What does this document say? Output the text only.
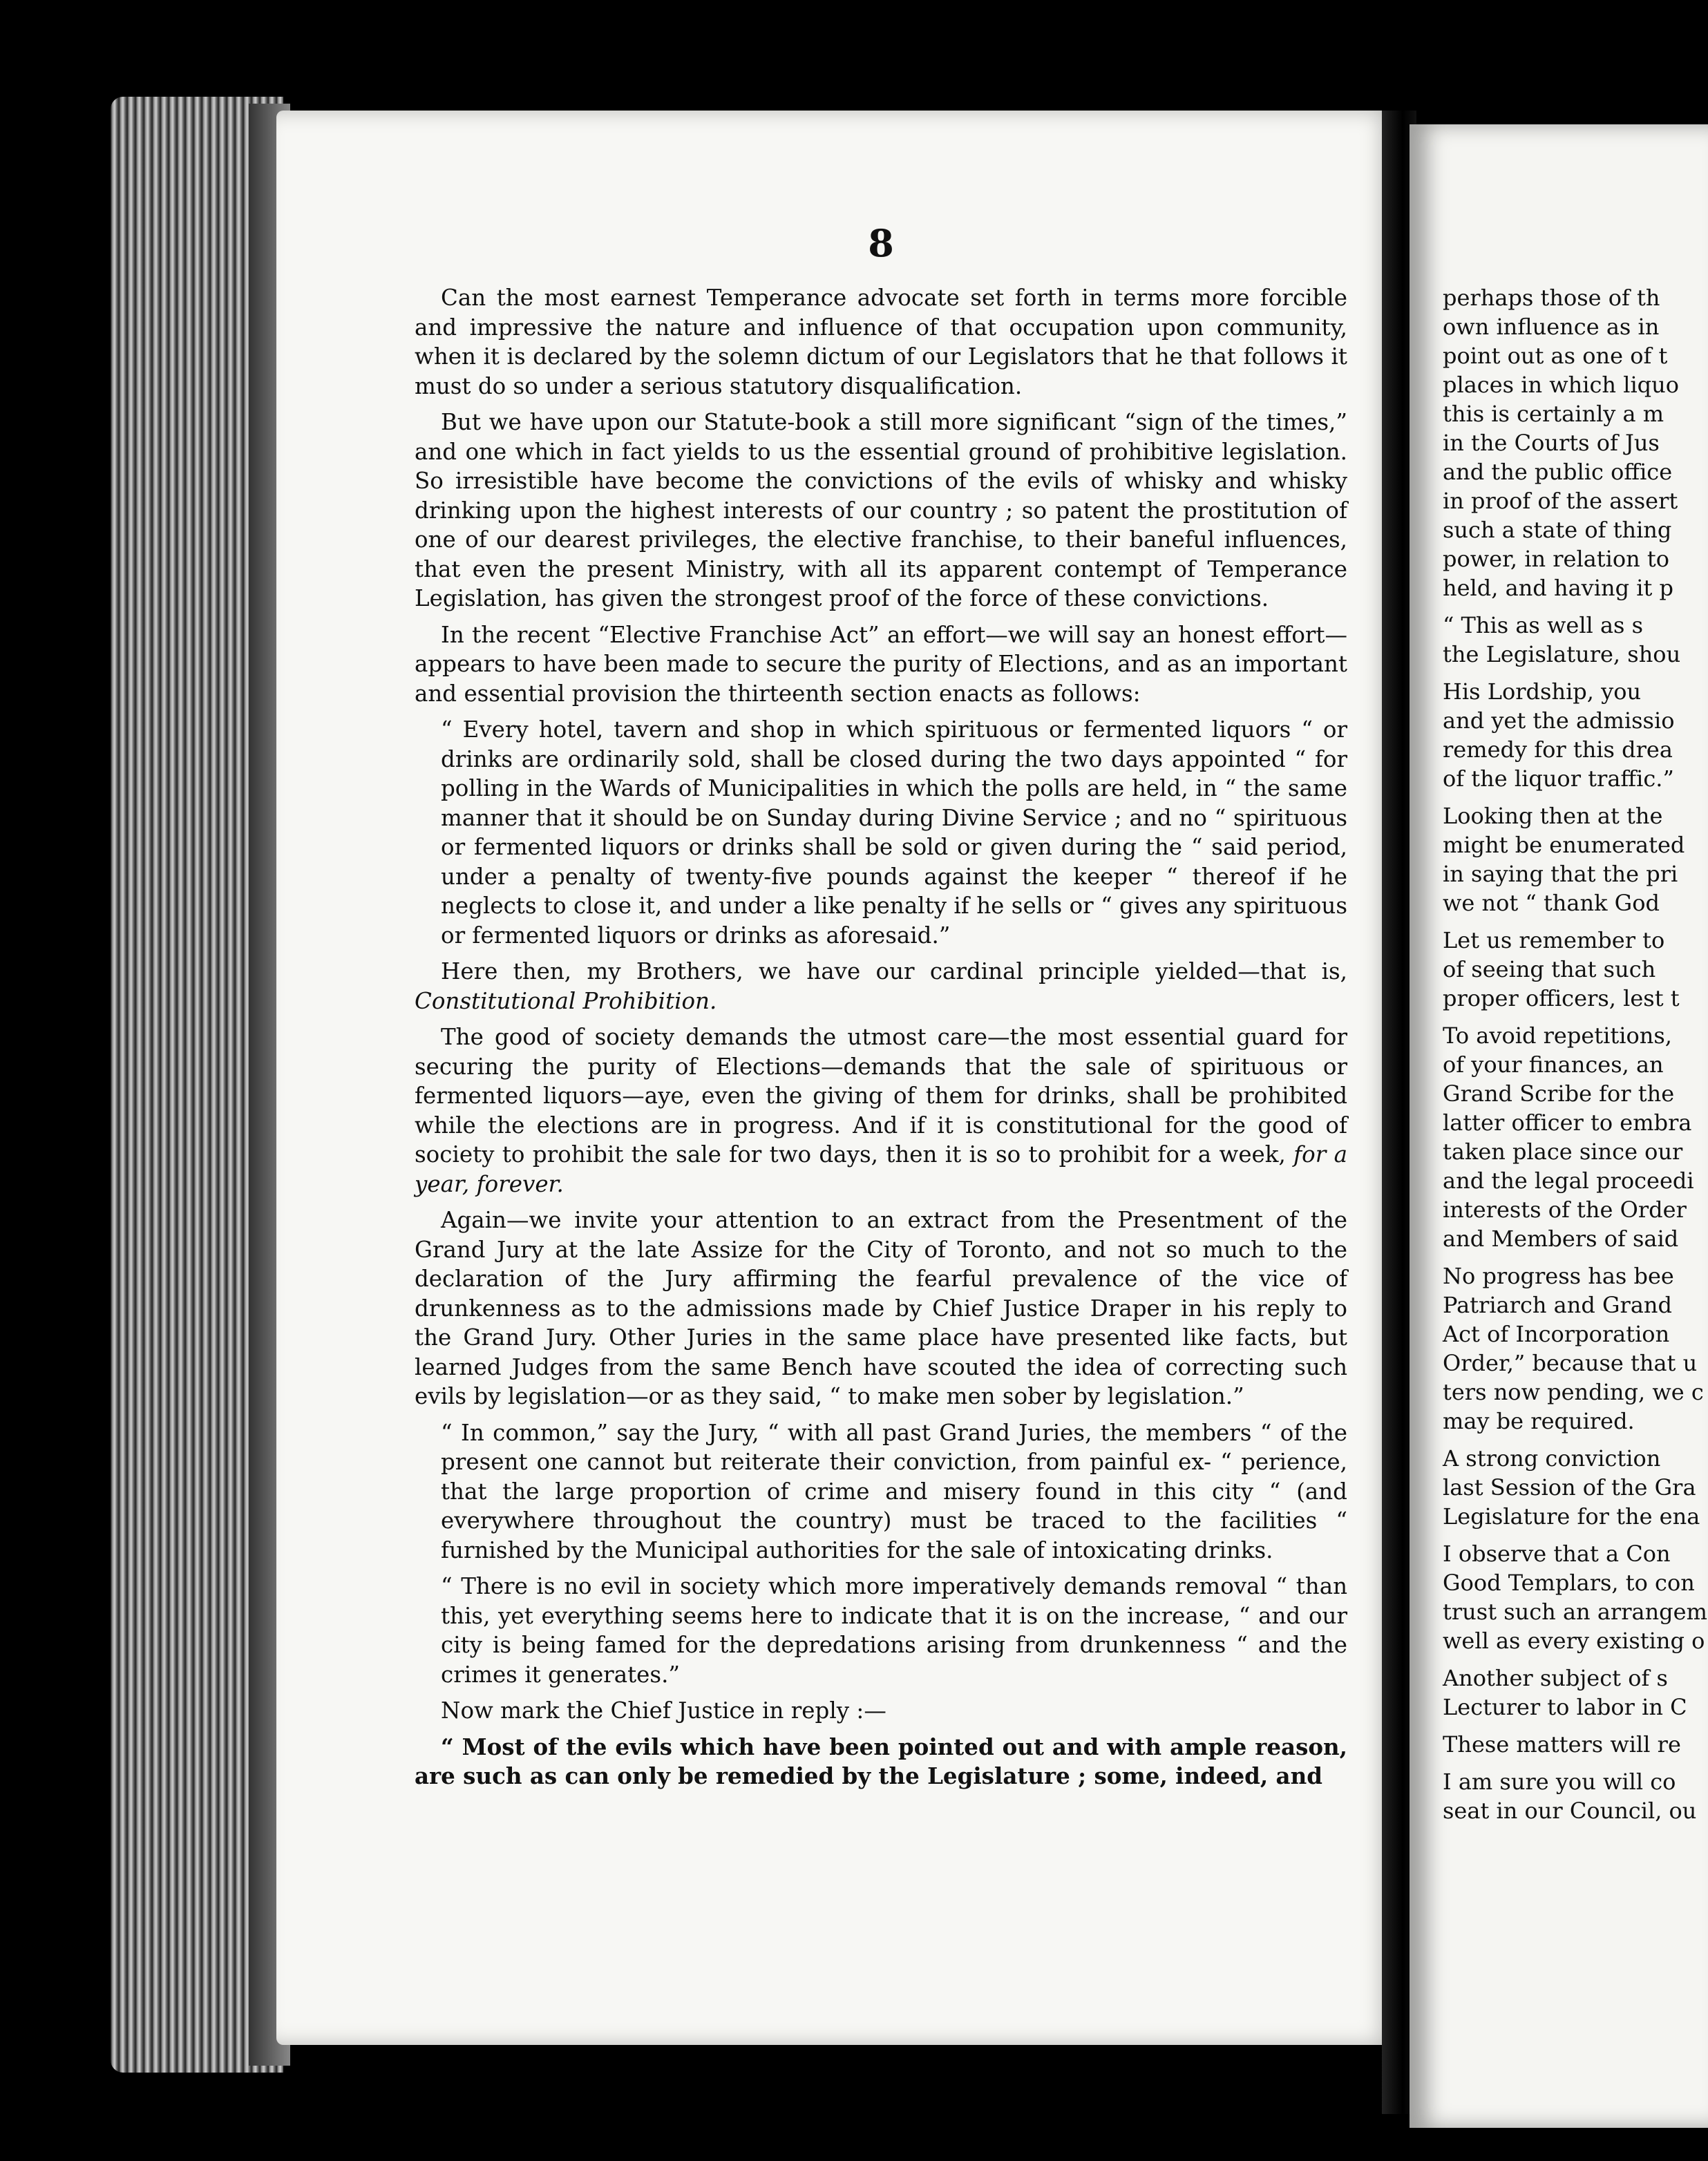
8

Can the most earnest Temperance advocate set forth in terms more forcible and impressive the nature and influence of that occupation upon community, when it is declared by the solemn dictum of our Legislators that he that follows it must do so under a serious statutory disqualification.

But we have upon our Statute-book a still more significant “sign of the times,” and one which in fact yields to us the essential ground of prohibitive legislation. So irresistible have become the convictions of the evils of whisky and whisky drinking upon the highest interests of our country ; so patent the prostitution of one of our dearest privileges, the elective franchise, to their baneful influences, that even the present Ministry, with all its apparent contempt of Temperance Legislation, has given the strongest proof of the force of these convictions.

In the recent “Elective Franchise Act” an effort—we will say an honest effort—appears to have been made to secure the purity of Elections, and as an important and essential provision the thirteenth section enacts as follows:

“ Every hotel, tavern and shop in which spirituous or fermented liquors “ or drinks are ordinarily sold, shall be closed during the two days appointed “ for polling in the Wards of Municipalities in which the polls are held, in “ the same manner that it should be on Sunday during Divine Service ; and no “ spirituous or fermented liquors or drinks shall be sold or given during the “ said period, under a penalty of twenty-five pounds against the keeper “ thereof if he neglects to close it, and under a like penalty if he sells or “ gives any spirituous or fermented liquors or drinks as aforesaid.”

Here then, my Brothers, we have our cardinal principle yielded—that is, Constitutional Prohibition.

The good of society demands the utmost care—the most essential guard for securing the purity of Elections—demands that the sale of spirituous or fermented liquors—aye, even the giving of them for drinks, shall be prohibited while the elections are in progress. And if it is constitutional for the good of society to prohibit the sale for two days, then it is so to prohibit for a week, for a year, forever.

Again—we invite your attention to an extract from the Presentment of the Grand Jury at the late Assize for the City of Toronto, and not so much to the declaration of the Jury affirming the fearful prevalence of the vice of drunkenness as to the admissions made by Chief Justice Draper in his reply to the Grand Jury. Other Juries in the same place have presented like facts, but learned Judges from the same Bench have scouted the idea of correcting such evils by legislation—or as they said, “ to make men sober by legislation.”

“ In common,” say the Jury, “ with all past Grand Juries, the members “ of the present one cannot but reiterate their conviction, from painful ex- “ perience, that the large proportion of crime and misery found in this city “ (and everywhere throughout the country) must be traced to the facilities “ furnished by the Municipal authorities for the sale of intoxicating drinks.

“ There is no evil in society which more imperatively demands removal “ than this, yet everything seems here to indicate that it is on the increase, “ and our city is being famed for the depredations arising from drunkenness “ and the crimes it generates.”

Now mark the Chief Justice in reply :—

“ Most of the evils which have been pointed out and with ample reason, are such as can only be remedied by the Legislature ; some, indeed, and

perhaps those of th
own influence as in
point out as one of t
places in which liquo
this is certainly a m
in the Courts of Jus
and the public office
in proof of the assert
such a state of thing
power, in relation to
held, and having it p
“ This as well as s
the Legislature, shou
His Lordship, you
and yet the admissio
remedy for this drea
of the liquor traffic.”
Looking then at the
might be enumerated
in saying that the pri
we not “ thank God
Let us remember to
of seeing that such
proper officers, lest t
To avoid repetitions,
of your finances, an
Grand Scribe for the
latter officer to embra
taken place since our
and the legal proceedi
interests of the Order
and Members of said
No progress has bee
Patriarch and Grand
Act of Incorporation
Order,” because that u
ters now pending, we c
may be required.
A strong conviction
last Session of the Gra
Legislature for the ena
I observe that a Con
Good Templars, to con
trust such an arrangem
well as every existing o
Another subject of s
Lecturer to labor in C
These matters will re
I am sure you will co
seat in our Council, ou
